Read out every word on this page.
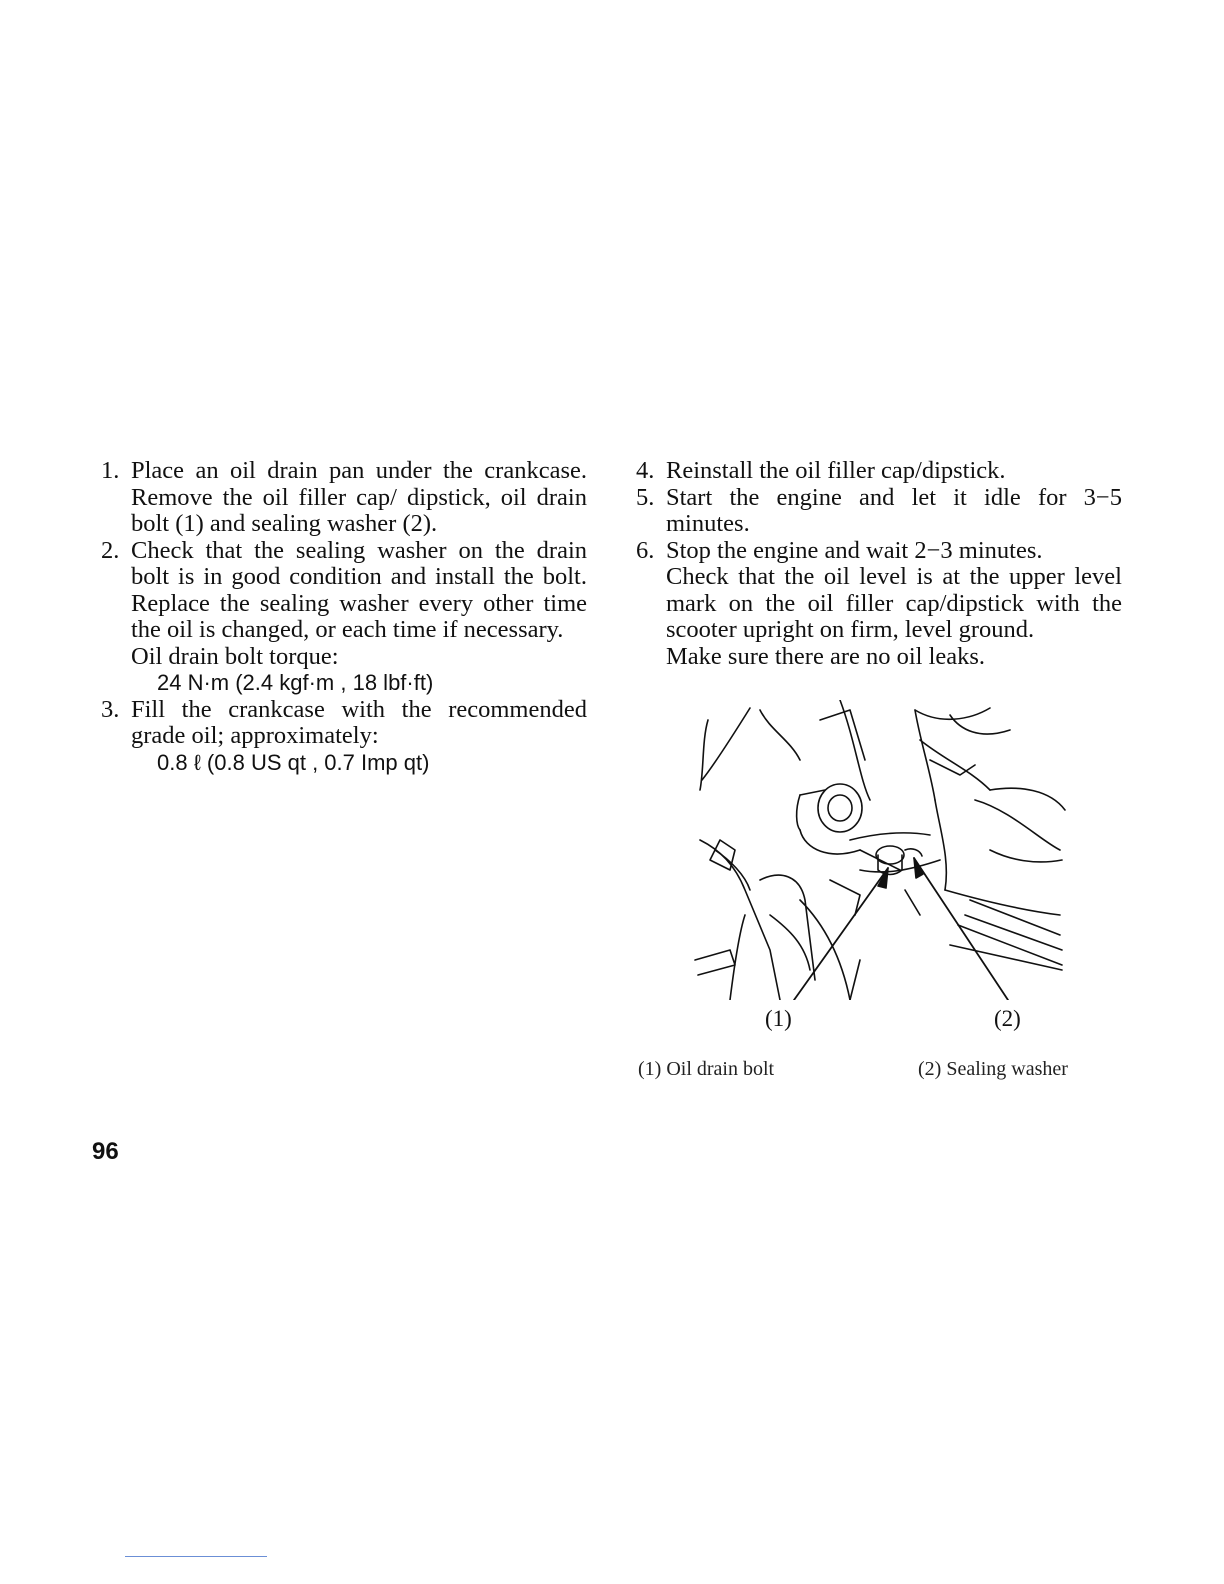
1. Place an oil drain pan under the crankcase. Remove the oil filler cap/ dipstick, oil drain bolt (1) and sealing washer (2).
2. Check that the sealing washer on the drain bolt is in good condition and install the bolt. Replace the sealing washer every other time the oil is changed, or each time if necessary.
Oil drain bolt torque:
24 N·m (2.4 kgf·m , 18 lbf·ft)
3. Fill the crankcase with the recommended grade oil; approximately:
0.8 ℓ (0.8 US qt , 0.7 Imp qt)
4. Reinstall the oil filler cap/dipstick.
5. Start the engine and let it idle for 3−5 minutes.
6. Stop the engine and wait 2−3 minutes.
Check that the oil level is at the upper level mark on the oil filler cap/dipstick with the scooter upright on firm, level ground.
Make sure there are no oil leaks.
(1)	(2)
(1) Oil drain bolt	(2) Sealing washer
96
